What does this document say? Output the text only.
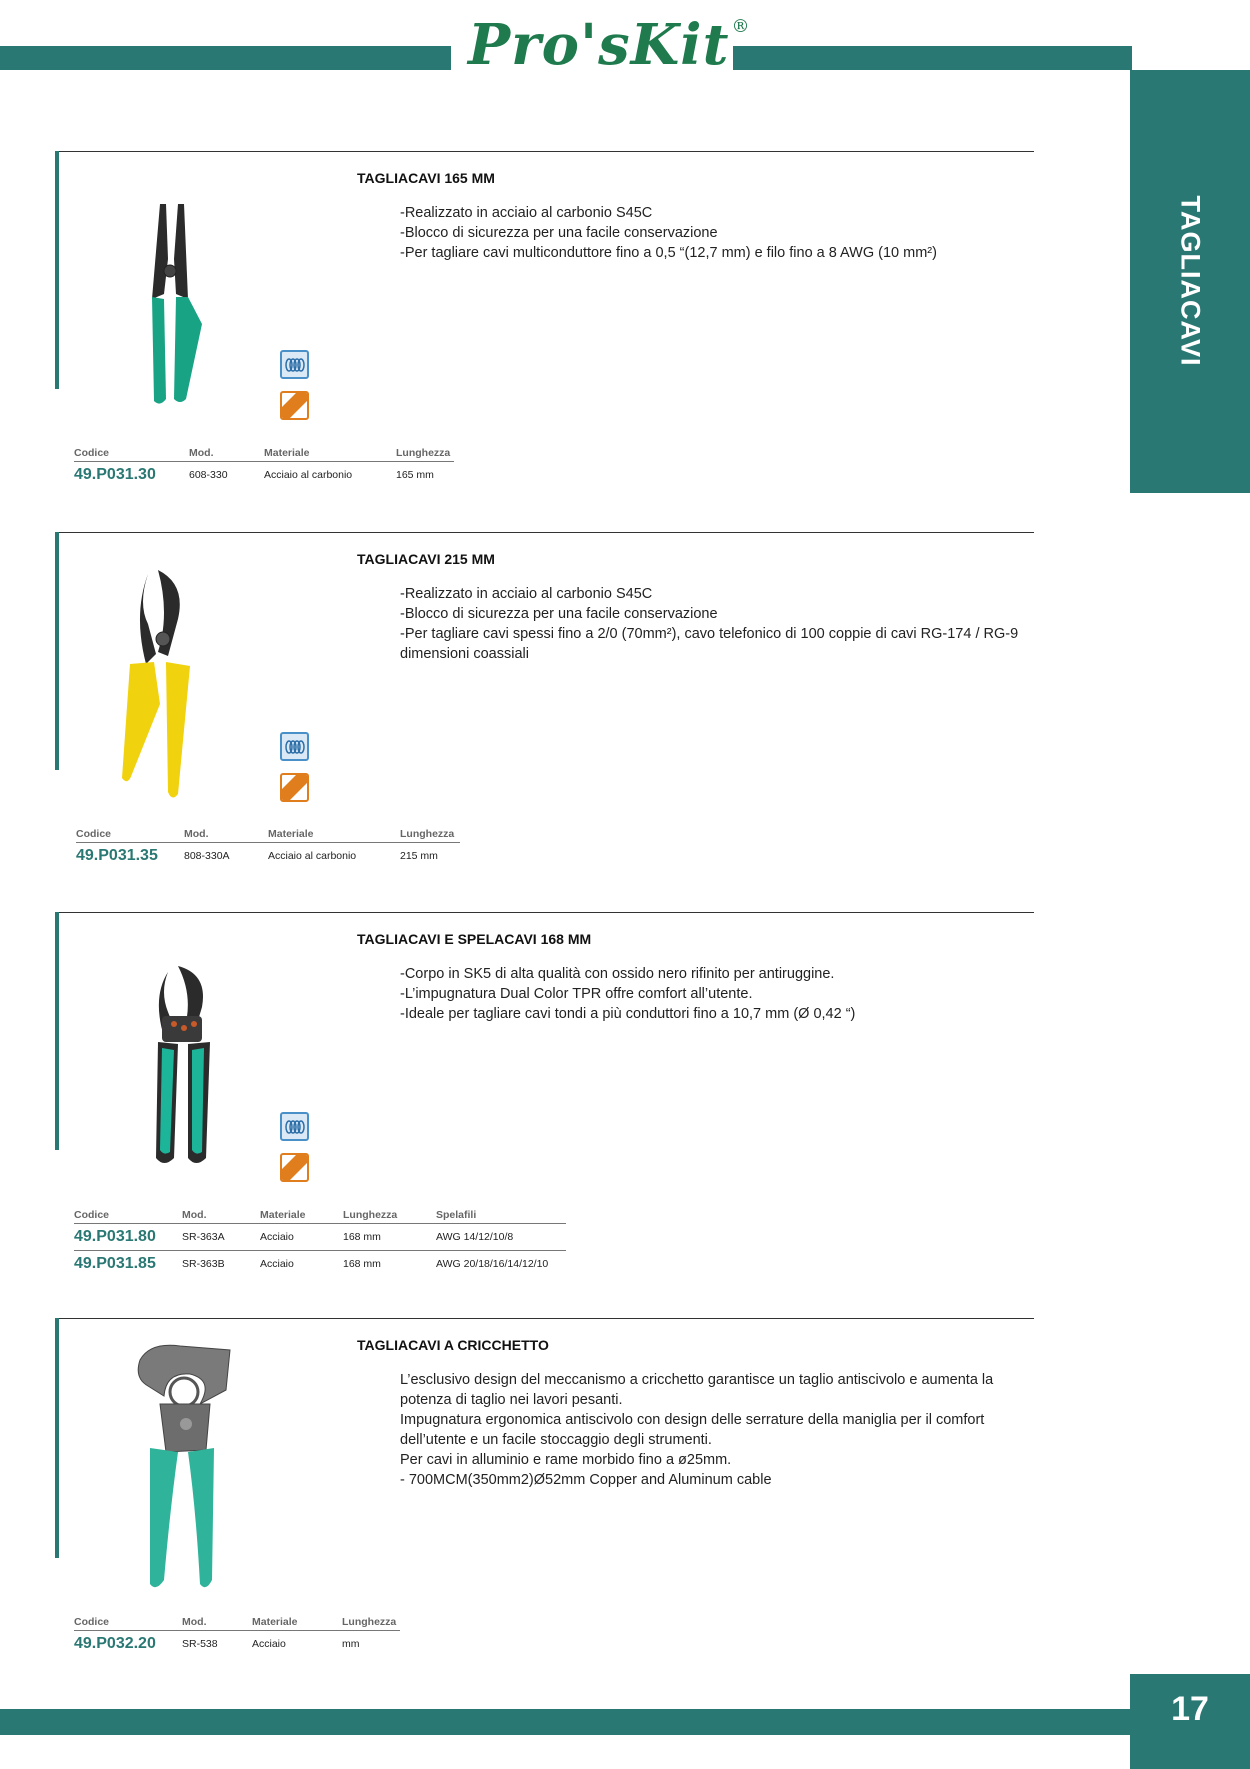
Pro'sKit ®
TAGLIACAVI
TAGLIACAVI 165 MM
-Realizzato in acciaio al carbonio S45C
-Blocco di sicurezza per una facile conservazione
-Per tagliare cavi multiconduttore fino a 0,5 “(12,7 mm) e filo fino a 8 AWG (10 mm²)
Codice	Mod.	Materiale	Lunghezza
49.P031.30	608-330	Acciaio al carbonio	165 mm
TAGLIACAVI 215 MM
-Realizzato in acciaio al carbonio S45C
-Blocco di sicurezza per una facile conservazione
-Per tagliare cavi spessi fino a 2/0 (70mm²), cavo telefonico di 100 coppie di cavi RG-174 / RG-9 dimensioni coassiali
Codice	Mod.	Materiale	Lunghezza
49.P031.35	808-330A	Acciaio al carbonio	215 mm
TAGLIACAVI E SPELACAVI 168 MM
-Corpo in SK5 di alta qualità con ossido nero rifinito per antiruggine.
-L’impugnatura Dual Color TPR offre comfort all’utente.
-Ideale per tagliare cavi tondi a più conduttori fino a 10,7 mm (Ø 0,42 “)
Codice	Mod.	Materiale	Lunghezza	Spelafili
49.P031.80	SR-363A	Acciaio	168 mm	AWG 14/12/10/8
49.P031.85	SR-363B	Acciaio	168 mm	AWG 20/18/16/14/12/10
TAGLIACAVI A CRICCHETTO
L’esclusivo design del meccanismo a cricchetto garantisce un taglio antiscivolo e aumenta la potenza di taglio nei lavori pesanti.
Impugnatura ergonomica antiscivolo con design delle serrature della maniglia per il comfort dell’utente e un facile stoccaggio degli strumenti.
Per cavi in alluminio e rame morbido fino a ø25mm.
- 700MCM(350mm2)Ø52mm Copper and Aluminum cable
Codice	Mod.	Materiale	Lunghezza
49.P032.20	SR-538	Acciaio	mm
17
